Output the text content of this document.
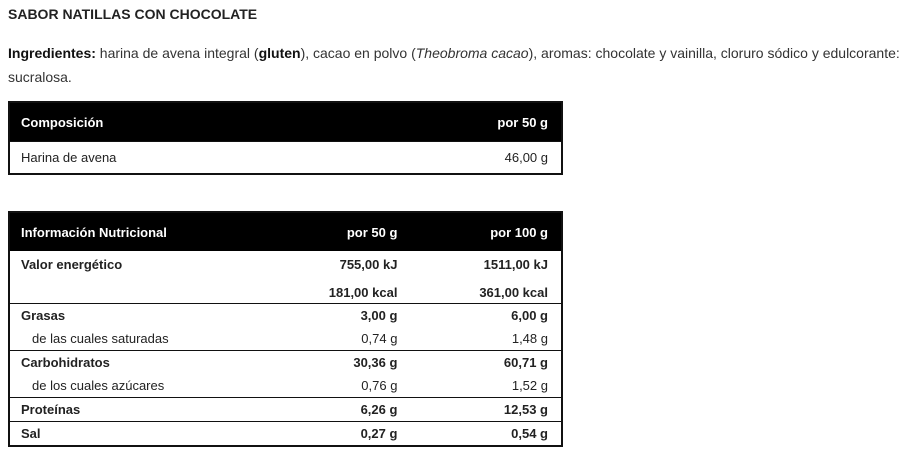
SABOR NATILLAS CON CHOCOLATE
Ingredientes: harina de avena integral (gluten), cacao en polvo (Theobroma cacao), aromas: chocolate y vainilla, cloruro sódico y edulcorante: sucralosa.
Composición	por 50 g
Harina de avena	46,00 g
Información Nutricional	por 50 g	por 100 g
Valor energético	755,00 kJ	1511,00 kJ
	181,00 kcal	361,00 kcal
Grasas	3,00 g	6,00 g
de las cuales saturadas	0,74 g	1,48 g
Carbohidratos	30,36 g	60,71 g
de los cuales azúcares	0,76 g	1,52 g
Proteínas	6,26 g	12,53 g
Sal	0,27 g	0,54 g
